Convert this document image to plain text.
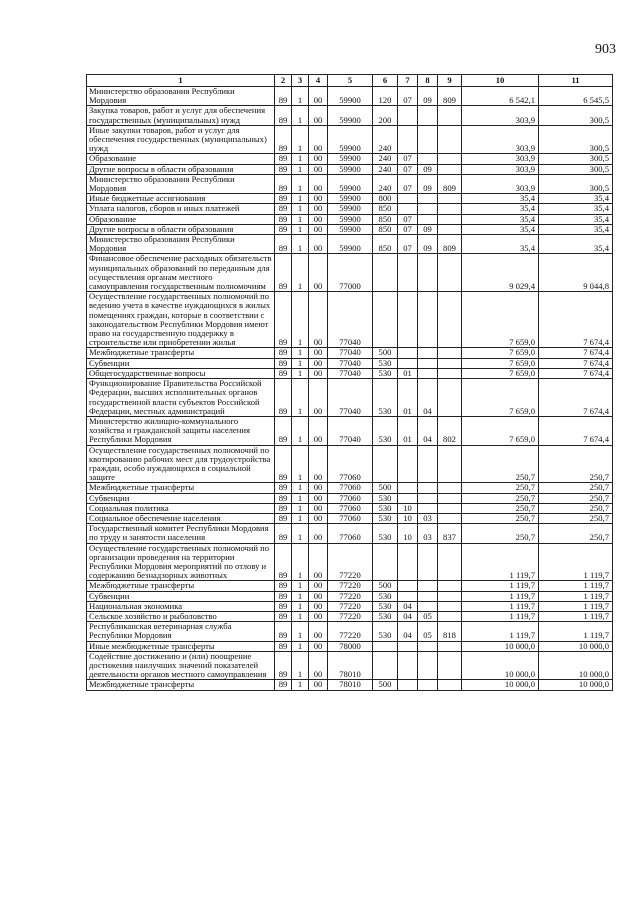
903
1	2	3	4	5	6	7	8	9	10	11
Министерство образования Республики Мордовия	89	1	00	59900	120	07	09	809	6 542,1	6 545,5
Закупка товаров, работ и услуг для обеспечения государственных (муниципальных) нужд	89	1	00	59900	200				303,9	300,5
Иные закупки товаров, работ и услуг для обеспечения государственных (муниципальных) нужд	89	1	00	59900	240				303,9	300,5
Образование	89	1	00	59900	240	07			303,9	300,5
Другие вопросы в области образования	89	1	00	59900	240	07	09		303,9	300,5
Министерство образования Республики Мордовия	89	1	00	59900	240	07	09	809	303,9	300,5
Иные бюджетные ассигнования	89	1	00	59900	800				35,4	35,4
Уплата налогов, сборов и иных платежей	89	1	00	59900	850				35,4	35,4
Образование	89	1	00	59900	850	07			35,4	35,4
Другие вопросы в области образования	89	1	00	59900	850	07	09		35,4	35,4
Министерство образования Республики Мордовия	89	1	00	59900	850	07	09	809	35,4	35,4
Финансовое обеспечение расходных обязательств муниципальных образований по переданным для осуществления органам местного самоуправления государственным полномочиям	89	1	00	77000					9 029,4	9 044,8
Осуществление государственных полномочий по ведению учета в качестве нуждающихся в жилых помещениях граждан, которые в соответствии с законодательством Республики Мордовия имеют право на государственную поддержку в строительстве или приобретении жилья	89	1	00	77040					7 659,0	7 674,4
Межбюджетные трансферты	89	1	00	77040	500				7 659,0	7 674,4
Субвенции	89	1	00	77040	530				7 659,0	7 674,4
Общегосударственные вопросы	89	1	00	77040	530	01			7 659,0	7 674,4
Функционирование Правительства Российской Федерации, высших исполнительных органов государственной власти субъектов Российской Федерации, местных администраций	89	1	00	77040	530	01	04		7 659,0	7 674,4
Министерство жилищно-коммунального хозяйства и гражданской защиты населения Республики Мордовия	89	1	00	77040	530	01	04	802	7 659,0	7 674,4
Осуществление государственных полномочий по квотированию рабочих мест для трудоустройства граждан, особо нуждающихся в социальной защите	89	1	00	77060					250,7	250,7
Межбюджетные трансферты	89	1	00	77060	500				250,7	250,7
Субвенции	89	1	00	77060	530				250,7	250,7
Социальная политика	89	1	00	77060	530	10			250,7	250,7
Социальное обеспечение населения	89	1	00	77060	530	10	03		250,7	250,7
Государственный комитет Республики Мордовия по труду и занятости населения	89	1	00	77060	530	10	03	837	250,7	250,7
Осуществление государственных полномочий по организации проведения на территории Республики Мордовия мероприятий по отлову и содержанию безнадзорных животных	89	1	00	77220					1 119,7	1 119,7
Межбюджетные трансферты	89	1	00	77220	500				1 119,7	1 119,7
Субвенции	89	1	00	77220	530				1 119,7	1 119,7
Национальная экономика	89	1	00	77220	530	04			1 119,7	1 119,7
Сельское хозяйство и рыболовство	89	1	00	77220	530	04	05		1 119,7	1 119,7
Республиканская ветеринарная служба Республики Мордовия	89	1	00	77220	530	04	05	818	1 119,7	1 119,7
Иные межбюджетные трансферты	89	1	00	78000					10 000,0	10 000,0
Содействие достижению и (или) поощрение достижения наилучших значений показателей деятельности органов местного самоуправления	89	1	00	78010					10 000,0	10 000,0
Межбюджетные трансферты	89	1	00	78010	500				10 000,0	10 000,0
